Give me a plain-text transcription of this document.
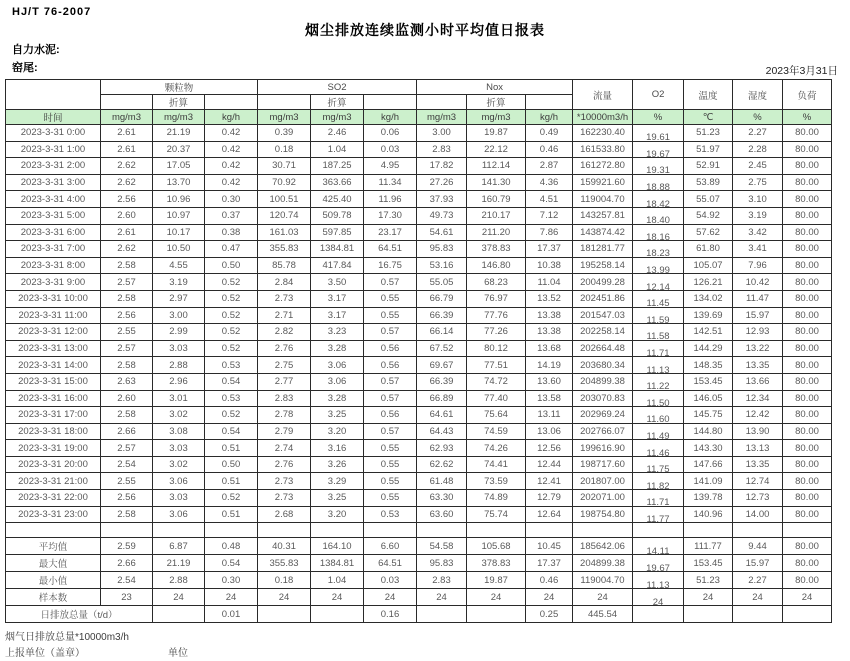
HJ/T 76-2007
烟尘排放连续监测小时平均值日报表
自力水泥:
窑尾:	2023年3月31日
	颗粒物			SO2			Nox			流量	O2	温度	湿度	负荷
		折算			折算			折算						
时间	mg/m3	mg/m3	kg/h	mg/m3	mg/m3	kg/h	mg/m3	mg/m3	kg/h	*10000m3/h	%	℃	%	%
2023-3-31 0:00	2.61	21.19	0.42	0.39	2.46	0.06	3.00	19.87	0.49	162230.40	19.61	51.23	2.27	80.00
2023-3-31 1:00	2.61	20.37	0.42	0.18	1.04	0.03	2.83	22.12	0.46	161533.80	19.67	51.97	2.28	80.00
2023-3-31 2:00	2.62	17.05	0.42	30.71	187.25	4.95	17.82	112.14	2.87	161272.80	19.31	52.91	2.45	80.00
2023-3-31 3:00	2.62	13.70	0.42	70.92	363.66	11.34	27.26	141.30	4.36	159921.60	18.88	53.89	2.75	80.00
2023-3-31 4:00	2.56	10.96	0.30	100.51	425.40	11.96	37.93	160.79	4.51	119004.70	18.42	55.07	3.10	80.00
2023-3-31 5:00	2.60	10.97	0.37	120.74	509.78	17.30	49.73	210.17	7.12	143257.81	18.40	54.92	3.19	80.00
2023-3-31 6:00	2.61	10.17	0.38	161.03	597.85	23.17	54.61	211.20	7.86	143874.42	18.16	57.62	3.42	80.00
2023-3-31 7:00	2.62	10.50	0.47	355.83	1384.81	64.51	95.83	378.83	17.37	181281.77	18.23	61.80	3.41	80.00
2023-3-31 8:00	2.58	4.55	0.50	85.78	417.84	16.75	53.16	146.80	10.38	195258.14	13.99	105.07	7.96	80.00
2023-3-31 9:00	2.57	3.19	0.52	2.84	3.50	0.57	55.05	68.23	11.04	200499.28	12.14	126.21	10.42	80.00
2023-3-31 10:00	2.58	2.97	0.52	2.73	3.17	0.55	66.79	76.97	13.52	202451.86	11.45	134.02	11.47	80.00
2023-3-31 11:00	2.56	3.00	0.52	2.71	3.17	0.55	66.39	77.76	13.38	201547.03	11.59	139.69	15.97	80.00
2023-3-31 12:00	2.55	2.99	0.52	2.82	3.23	0.57	66.14	77.26	13.38	202258.14	11.58	142.51	12.93	80.00
2023-3-31 13:00	2.57	3.03	0.52	2.76	3.28	0.56	67.52	80.12	13.68	202664.48	11.71	144.29	13.22	80.00
2023-3-31 14:00	2.58	2.88	0.53	2.75	3.06	0.56	69.67	77.51	14.19	203680.34	11.13	148.35	13.35	80.00
2023-3-31 15:00	2.63	2.96	0.54	2.77	3.06	0.57	66.39	74.72	13.60	204899.38	11.22	153.45	13.66	80.00
2023-3-31 16:00	2.60	3.01	0.53	2.83	3.28	0.57	66.89	77.40	13.58	203070.83	11.50	146.05	12.34	80.00
2023-3-31 17:00	2.58	3.02	0.52	2.78	3.25	0.56	64.61	75.64	13.11	202969.24	11.60	145.75	12.42	80.00
2023-3-31 18:00	2.66	3.08	0.54	2.79	3.20	0.57	64.43	74.59	13.06	202766.07	11.49	144.80	13.90	80.00
2023-3-31 19:00	2.57	3.03	0.51	2.74	3.16	0.55	62.93	74.26	12.56	199616.90	11.46	143.30	13.13	80.00
2023-3-31 20:00	2.54	3.02	0.50	2.76	3.26	0.55	62.62	74.41	12.44	198717.60	11.75	147.66	13.35	80.00
2023-3-31 21:00	2.55	3.06	0.51	2.73	3.29	0.55	61.48	73.59	12.41	201807.00	11.82	141.09	12.74	80.00
2023-3-31 22:00	2.56	3.03	0.52	2.73	3.25	0.55	63.30	74.89	12.79	202071.00	11.71	139.78	12.73	80.00
2023-3-31 23:00	2.58	3.06	0.51	2.68	3.20	0.53	63.60	75.74	12.64	198754.80	11.77	140.96	14.00	80.00

平均值	2.59	6.87	0.48	40.31	164.10	6.60	54.58	105.68	10.45	185642.06	14.11	111.77	9.44	80.00
最大值	2.66	21.19	0.54	355.83	1384.81	64.51	95.83	378.83	17.37	204899.38	19.67	153.45	15.97	80.00
最小值	2.54	2.88	0.30	0.18	1.04	0.03	2.83	19.87	0.46	119004.70	11.13	51.23	2.27	80.00
样本数	23	24	24	24	24	24	24	24	24	24	24	24	24	24
日排放总量（t/d）			0.01			0.16			0.25	445.54				
烟气日排放总量*10000m3/h
上报单位（盖章）	单位
